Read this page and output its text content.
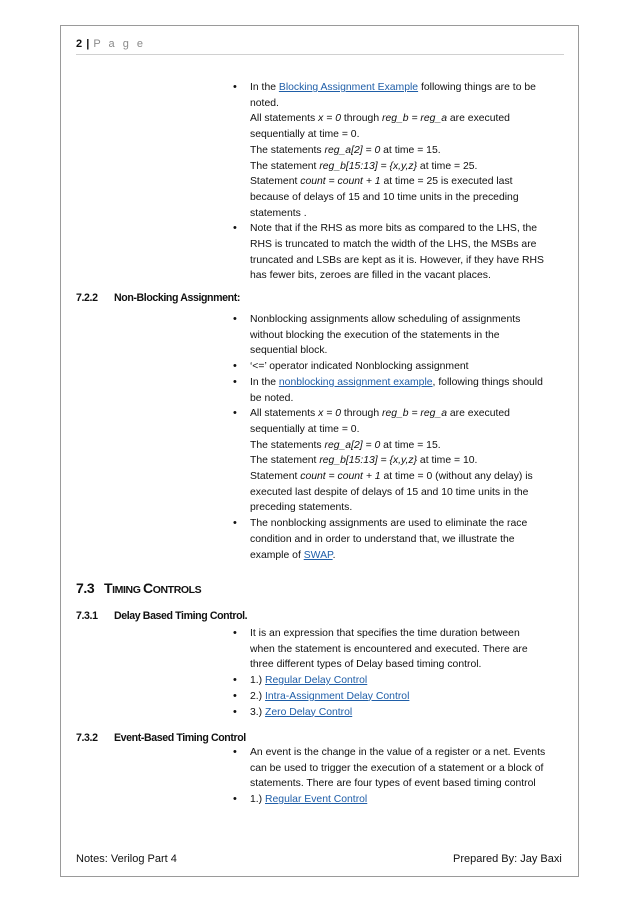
2 | P a g e
• In the Blocking Assignment Example following things are to be
noted.
All statements x = 0 through reg_b = reg_a are executed
sequentially at time = 0.
The statements reg_a[2] = 0 at time = 15.
The statement reg_b[15:13] = {x,y,z} at time = 25.
Statement count = count + 1 at time = 25 is executed last
because of delays of 15 and 10 time units in the preceding
statements .
• Note that if the RHS as more bits as compared to the LHS, the
RHS is truncated to match the width of the LHS, the MSBs are
truncated and LSBs are kept as it is. However, if they have RHS
has fewer bits, zeroes are filled in the vacant places.
7.2.2 Non-Blocking Assignment:
• Nonblocking assignments allow scheduling of assignments
without blocking the execution of the statements in the
sequential block.
• ‘<=’ operator indicated Nonblocking assignment
• In the nonblocking assignment example, following things should
be noted.
• All statements x = 0 through reg_b = reg_a are executed
sequentially at time = 0.
The statements reg_a[2] = 0 at time = 15.
The statement reg_b[15:13] = {x,y,z} at time = 10.
Statement count = count + 1 at time = 0 (without any delay) is
executed last despite of delays of 15 and 10 time units in the
preceding statements.
• The nonblocking assignments are used to eliminate the race
condition and in order to understand that, we illustrate the
example of SWAP.
7.3 TIMING CONTROLS
7.3.1 Delay Based Timing Control.
• It is an expression that specifies the time duration between
when the statement is encountered and executed. There are
three different types of Delay based timing control.
• 1.) Regular Delay Control
• 2.) Intra-Assignment Delay Control
• 3.) Zero Delay Control
7.3.2 Event-Based Timing Control
• An event is the change in the value of a register or a net. Events
can be used to trigger the execution of a statement or a block of
statements. There are four types of event based timing control
• 1.) Regular Event Control
Notes: Verilog Part 4	Prepared By: Jay Baxi
